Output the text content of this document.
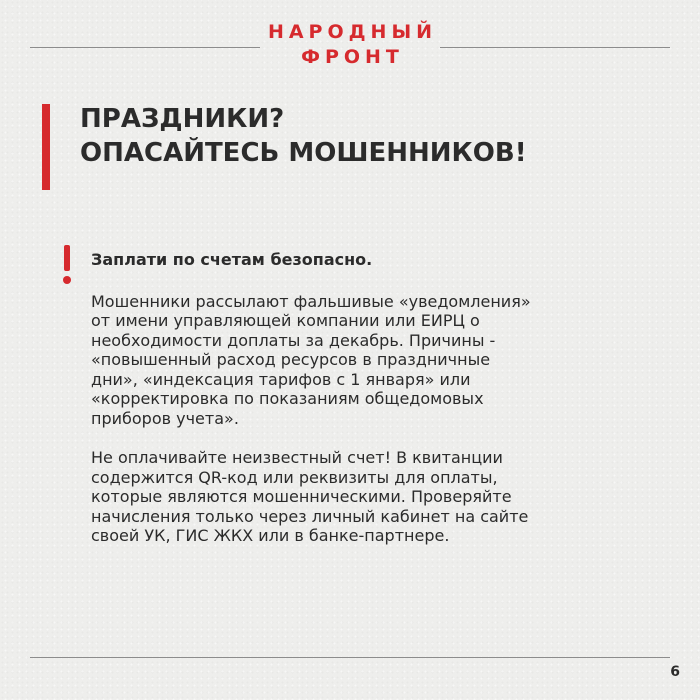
НАРОДНЫЙ
ФРОНТ
ПРАЗДНИКИ?
ОПАСАЙТЕСЬ МОШЕННИКОВ!

Заплати по счетам безопасно.

Мошенники рассылают фальшивые «уведомления»
от имени управляющей компании или ЕИРЦ о
необходимости доплаты за декабрь. Причины -
«повышенный расход ресурсов в праздничные
дни», «индексация тарифов с 1 января» или
«корректировка по показаниям общедомовых
приборов учета».

Не оплачивайте неизвестный счет! В квитанции
содержится QR-код или реквизиты для оплаты,
которые являются мошенническими. Проверяйте
начисления только через личный кабинет на сайте
своей УК, ГИС ЖКХ или в банке-партнере.

6
